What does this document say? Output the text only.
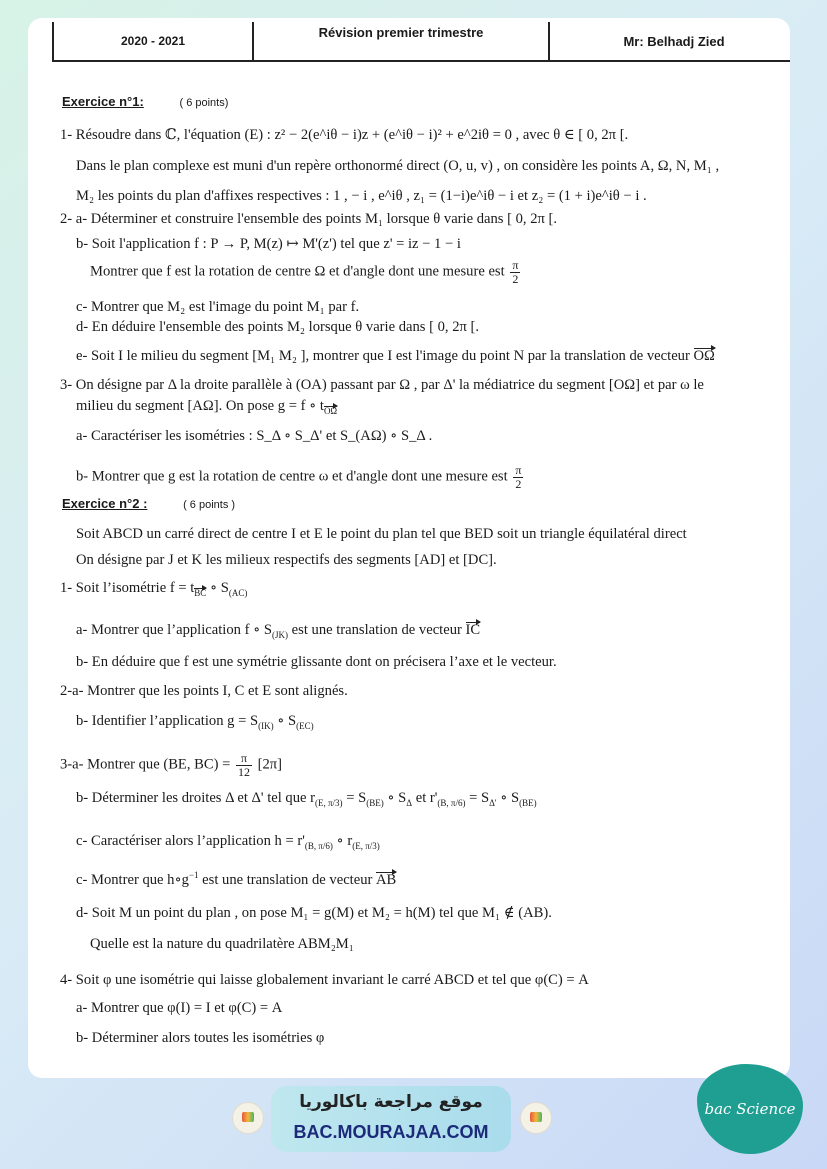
2020 - 2021
Révision premier trimestre
Mr: Belhadj Zied
Exercice n°1:	( 6 points)
1- Résoudre dans ℂ, l'équation (E) : z² − 2(e^iθ − i)z + (e^iθ − i)² + e^2iθ = 0 , avec θ ∈ [ 0, 2π [.
Dans le plan complexe est muni d'un repère orthonormé direct (O, u, v) , on considère les points A, Ω, N, M₁ ,
M₂ les points du plan d'affixes respectives : 1 , − i , e^iθ , z₁ = (1−i)e^iθ − i et z₂ = (1 + i)e^iθ − i .
2- a- Déterminer et construire l'ensemble des points M₁ lorsque θ varie dans [ 0, 2π [.
b- Soit l'application f : P → P, M(z) ↦ M'(z') tel que z' = iz − 1 − i
Montrer que f est la rotation de centre Ω et d'angle dont une mesure est $\frac{\pi}{2}$
c- Montrer que M₂ est l'image du point M₁ par f.
d- En déduire l'ensemble des points M₂ lorsque θ varie dans [ 0, 2π [.
e- Soit I le milieu du segment [M₁ M₂ ], montrer que I est l'image du point N par la translation de vecteur OΩ
3- On désigne par Δ la droite parallèle à (OA) passant par Ω , par Δ' la médiatrice du segment [OΩ] et par ω le
milieu du segment [AΩ]. On pose g = f ∘ $t_{O\Omega}$
a- Caractériser les isométries : S_Δ ∘ S_Δ' et S_(AΩ) ∘ S_Δ .
b- Montrer que g est la rotation de centre ω et d'angle dont une mesure est $\frac{\pi}{2}$
Exercice n°2 :	( 6 points )
Soit ABCD un carré direct de centre I et E le point du plan tel que BED soit un triangle équilatéral direct
On désigne par J et K les milieux respectifs des segments [AD] et [DC].
1- Soit l’isométrie $f = t_{BC}$ ∘ $S_{(AC)}$
a- Montrer que l’application f ∘ $S_{(JK)}$ est une translation de vecteur IC
b- En déduire que f est une symétrie glissante dont on précisera l’axe et le vecteur.
2-a- Montrer que les points I, C et E sont alignés.
b- Identifier l’application $g = S_{(IK)}$ ∘ $S_{(EC)}$
3-a- Montrer que (BE, $BC) = \frac{\pi}{12} [2\pi]$
b- Déterminer les droites Δ et Δ' tel que $r_{(E, \pi/3)} = S_{(BE)}$ ∘ $S_\Delta$ et $r'_{(B, \pi/6)} = S_{\Delta'}$ ∘ $S_{(BE)}$
c- Caractériser alors l’application $h = r'_{(B, \pi/6)}$ ∘ $r_{(E, \pi/3)}$
c- Montrer que $h\circ g^{-1}$ est une translation de vecteur AB
d- Soit M un point du plan , on pose M₁ = g(M) et M₂ = h(M) tel que M₁ ∉ (AB).
Quelle est la nature du quadrilatère ABM₂M₁
4- Soit φ une isométrie qui laisse globalement invariant le carré ABCD et tel que φ(C) = A
a- Montrer que φ(I) = I et φ(C) = A
b- Déterminer alors toutes les isométries φ
موقع مراجعة باكالوريا
BAC.MOURAJAA.COM
bac Science
